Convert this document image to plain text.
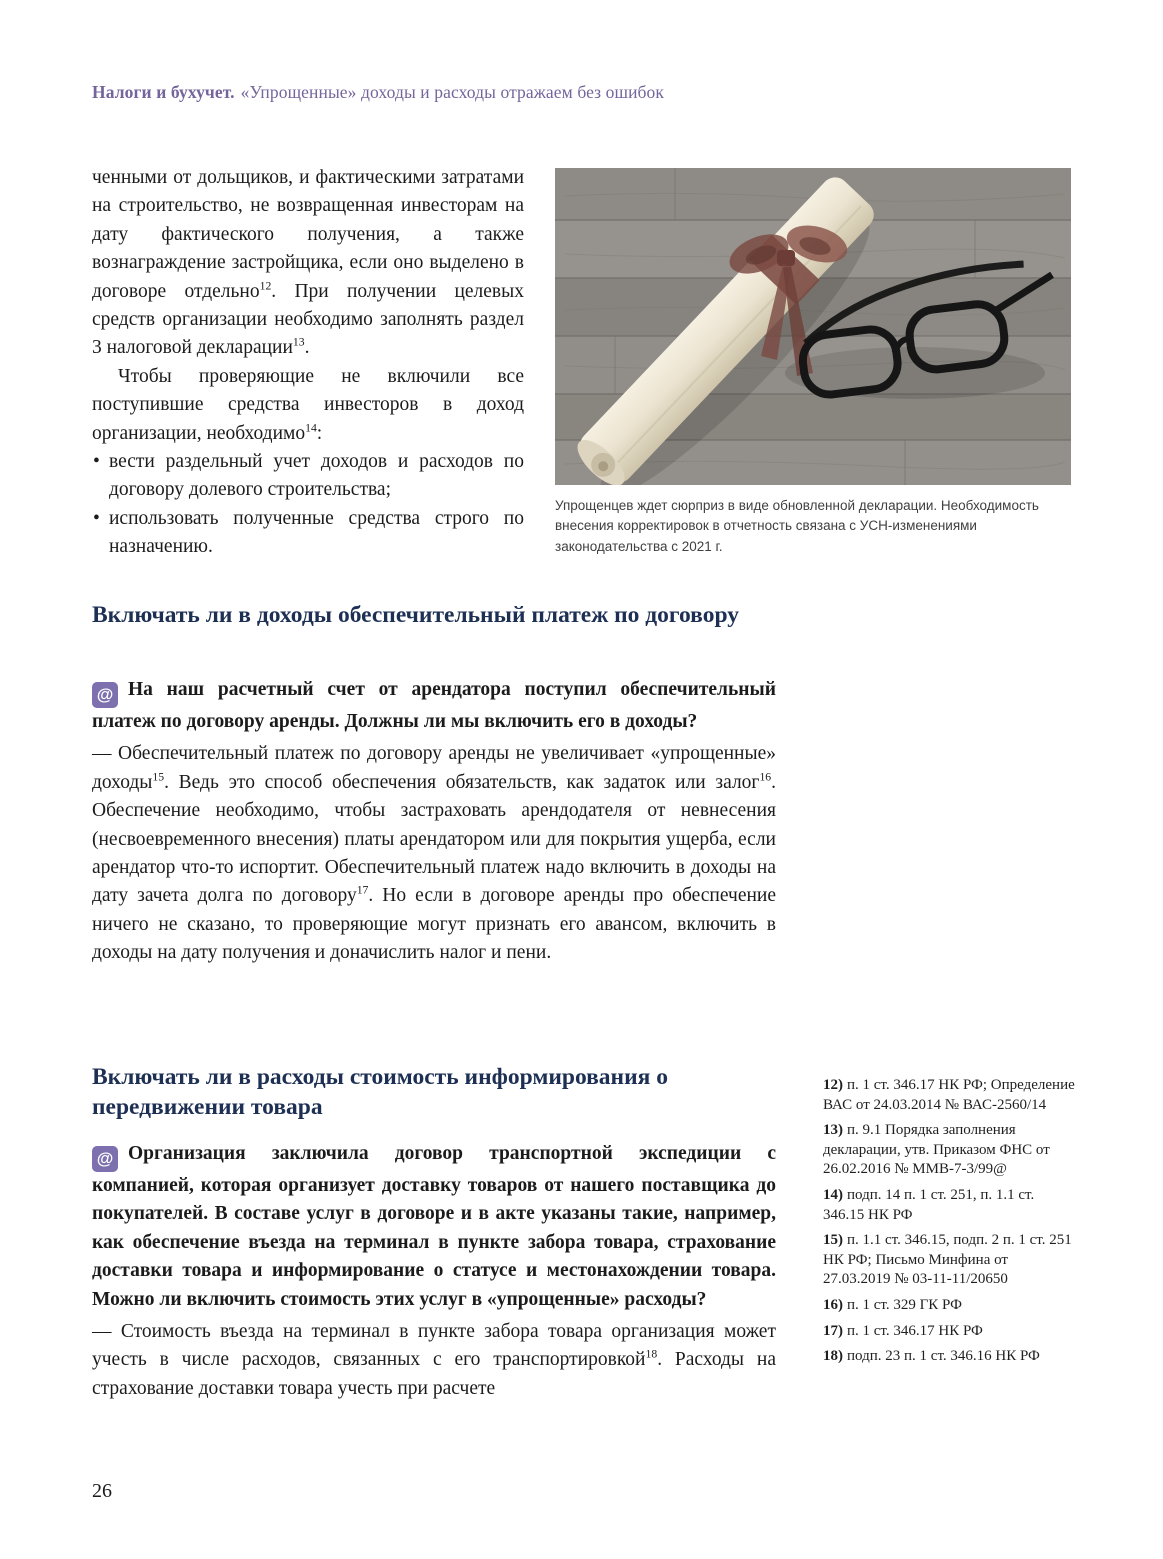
Налоги и бухучет. «Упрощенные» доходы и расходы отражаем без ошибок

ченными от дольщиков, и фактическими затратами на строительство, не возвращенная инвесторам на дату фактического получения, а также вознаграждение застройщика, если оно выделено в договоре отдельно$^{12}$. При получении целевых средств организации необходимо заполнять раздел 3 налоговой декларации$^{13}$.

Чтобы проверяющие не включили все поступившие средства инвесторов в доход организации, необходимо$^{14}$:

• вести раздельный учет доходов и расходов по договору долевого строительства;
• использовать полученные средства строго по назначению.
Упрощенцев ждет сюрприз в виде обновленной декларации. Необходимость внесения корректировок в отчетность связана с УСН-изменениями законодательства с 2021 г.
Включать ли в доходы обеспечительный платеж по договору

@ На наш расчетный счет от арендатора поступил обеспечительный платеж по договору аренды. Должны ли мы включить его в доходы?

— Обеспечительный платеж по договору аренды не увеличивает «упрощенные» доходы$^{15}$. Ведь это способ обеспечения обязательств, как задаток или залог$^{16}$. Обеспечение необходимо, чтобы застраховать арендодателя от невнесения (несвоевременного внесения) платы арендатором или для покрытия ущерба, если арендатор что-то испортит. Обеспечительный платеж надо включить в доходы на дату зачета долга по договору$^{17}$. Но если в договоре аренды про обеспечение ничего не сказано, то проверяющие могут признать его авансом, включить в доходы на дату получения и доначислить налог и пени.

Включать ли в расходы стоимость информирования о передвижении товара

@ Организация заключила договор транспортной экспедиции с компанией, которая организует доставку товаров от нашего поставщика до покупателей. В составе услуг в договоре и в акте указаны такие, например, как обеспечение въезда на терминал в пункте забора товара, страхование доставки товара и информирование о статусе и местонахождении товара. Можно ли включить стоимость этих услуг в «упрощенные» расходы?

— Стоимость въезда на терминал в пункте забора товара организация может учесть в числе расходов, связанных с его транспортировкой$^{18}$. Расходы на страхование доставки товара учесть при расчете

12) п. 1 ст. 346.17 НК РФ; Определение ВАС от 24.03.2014 № ВАС-2560/14
13) п. 9.1 Порядка заполнения декларации, утв. Приказом ФНС от 26.02.2016 № ММВ-7-3/99@
14) подп. 14 п. 1 ст. 251, п. 1.1 ст. 346.15 НК РФ
15) п. 1.1 ст. 346.15, подп. 2 п. 1 ст. 251 НК РФ; Письмо Минфина от 27.03.2019 № 03-11-11/20650
16) п. 1 ст. 329 ГК РФ
17) п. 1 ст. 346.17 НК РФ
18) подп. 23 п. 1 ст. 346.16 НК РФ
26
